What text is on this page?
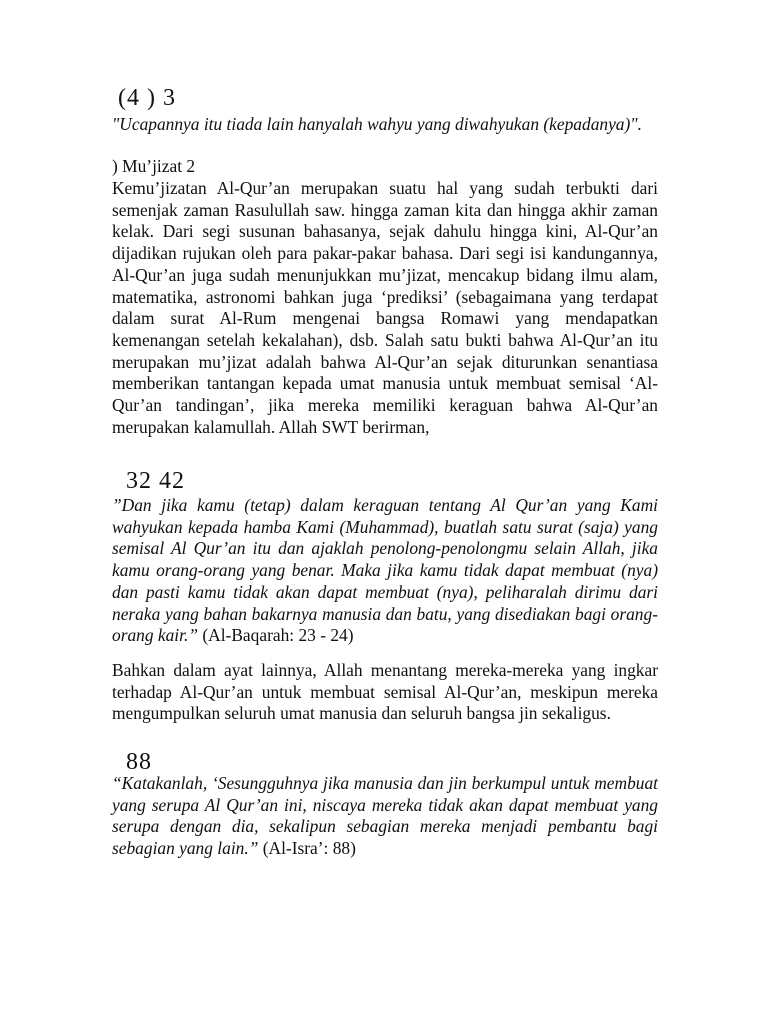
(4 ) 3
"Ucapannya itu tiada lain hanyalah wahyu yang diwahyukan (kepadanya)".
) Mu’jizat 2
Kemu’jizatan Al-Qur’an merupakan suatu hal yang sudah terbukti dari semenjak zaman Rasulullah saw. hingga zaman kita dan hingga akhir zaman kelak. Dari segi susunan bahasanya, sejak dahulu hingga kini, Al-Qur’an dijadikan rujukan oleh para pakar-pakar bahasa. Dari segi isi kandungannya, Al-Qur’an juga sudah menunjukkan mu’jizat, mencakup bidang ilmu alam, matematika, astronomi bahkan juga ‘prediksi’ (sebagaimana yang terdapat dalam surat Al-Rum mengenai bangsa Romawi yang mendapatkan kemenangan setelah kekalahan), dsb. Salah satu bukti bahwa Al-Qur’an itu merupakan mu’jizat adalah bahwa Al-Qur’an sejak diturunkan senantiasa memberikan tantangan kepada umat manusia untuk membuat semisal ‘Al-Qur’an tandingan’, jika mereka memiliki keraguan bahwa Al-Qur’an merupakan kalamullah. Allah SWT berirman,
32 42
”Dan jika kamu (tetap) dalam keraguan tentang Al Qur’an yang Kami wahyukan kepada hamba Kami (Muhammad), buatlah satu surat (saja) yang semisal Al Qur’an itu dan ajaklah penolong-penolongmu selain Allah, jika kamu orang-orang yang benar. Maka jika kamu tidak dapat membuat (nya) dan pasti kamu tidak akan dapat membuat (nya), peliharalah dirimu dari neraka yang bahan bakarnya manusia dan batu, yang disediakan bagi orang-orang kair.” (Al-Baqarah: 23 - 24)
Bahkan dalam ayat lainnya, Allah menantang mereka-mereka yang ingkar terhadap Al-Qur’an untuk membuat semisal Al-Qur’an, meskipun mereka mengumpulkan seluruh umat manusia dan seluruh bangsa jin sekaligus.
88
“Katakanlah, ‘Sesungguhnya jika manusia dan jin berkumpul untuk membuat yang serupa Al Qur’an ini, niscaya mereka tidak akan dapat membuat yang serupa dengan dia, sekalipun sebagian mereka menjadi pembantu bagi sebagian yang lain.” (Al-Isra’: 88)
